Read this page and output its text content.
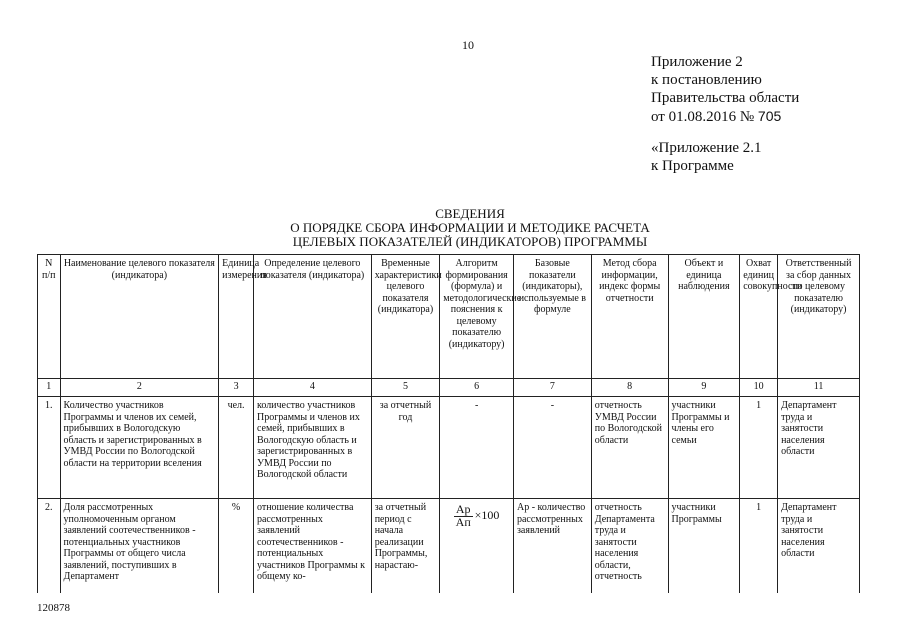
10
Приложение 2
к постановлению
Правительства области
от 01.08.2016 № 705
«Приложение 2.1
к Программе
СВЕДЕНИЯ
О ПОРЯДКЕ СБОРА ИНФОРМАЦИИ И МЕТОДИКЕ РАСЧЕТА
ЦЕЛЕВЫХ ПОКАЗАТЕЛЕЙ (ИНДИКАТОРОВ) ПРОГРАММЫ
N п/п	Наименование целевого показателя (индикатора)	Единица измерения	Определение целевого показателя (индикатора)	Временные характеристики целевого показателя (индикатора)	Алгоритм формирования (формула) и методологические пояснения к целевому показателю (индикатору)	Базовые показатели (индикаторы), используемые в формуле	Метод сбора информации, индекс формы отчетности	Объект и единица наблюдения	Охват единиц совокупности	Ответственный за сбор данных по целевому показателю (индикатору)
1	2	3	4	5	6	7	8	9	10	11
1.	Количество участников Программы и членов их семей, прибывших в Вологодскую область и зарегистрированных в УМВД России по Вологодской области на территории вселения	чел.	количество участников Программы и членов их семей, прибывших в Вологодскую область и зарегистрированных в УМВД России по Вологодской области	за отчетный год	-	-	отчетность УМВД России по Вологодской области	участники Программы и члены его семьи	1	Департамент труда и занятости населения области
2.	Доля рассмотренных уполномоченным органом заявлений соотечественников - потенциальных участников Программы от общего числа заявлений, поступивших в Департамент	%	отношение количества рассмотренных заявлений соотечественников - потенциальных участников Программы к общему ко-	за отчетный период с начала реализации Программы, нарастаю-	$\frac{Ар}{Ап} \times 100$	Ар - количество рассмотренных заявлений	отчетность Департамента труда и занятости населения области, отчетность	участники Программы	1	Департамент труда и занятости населения области
120878
